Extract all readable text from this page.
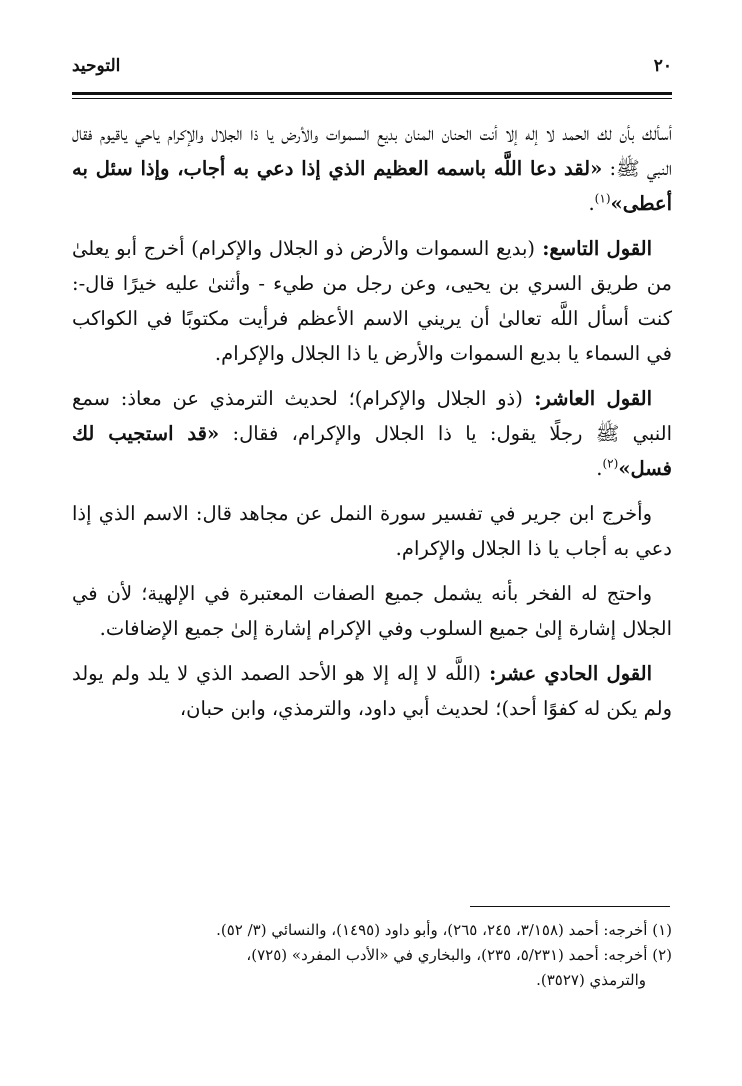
٢٠
التوحيد

أسألك بأن لك الحمد لا إله إلا أنت الحنان المنان بديع السموات والأرض يا ذا الجلال والإكرام ياحي ياقيوم فقال النبي ﷺ: «لقد دعا اللَّه باسمه العظيم الذي إذا دعي به أجاب، وإذا سئل به أعطى»$^{(١)}$.

القول التاسع: (بديع السموات والأرض ذو الجلال والإكرام) أخرج أبو يعلىٰ من طريق السري بن يحيى، وعن رجل من طيء - وأثنىٰ عليه خيرًا قال-: كنت أسأل اللَّه تعالىٰ أن يريني الاسم الأعظم فرأيت مكتوبًا في الكواكب في السماء يا بديع السموات والأرض يا ذا الجلال والإكرام.

القول العاشر: (ذو الجلال والإكرام)؛ لحديث الترمذي عن معاذ: سمع النبي ﷺ رجلًا يقول: يا ذا الجلال والإكرام، فقال: «قد استجيب لك فسل»$^{(٢)}$.

وأخرج ابن جرير في تفسير سورة النمل عن مجاهد قال: الاسم الذي إذا دعي به أجاب يا ذا الجلال والإكرام.

واحتج له الفخر بأنه يشمل جميع الصفات المعتبرة في الإلهية؛ لأن في الجلال إشارة إلىٰ جميع السلوب وفي الإكرام إشارة إلىٰ جميع الإضافات.

القول الحادي عشر: (اللَّه لا إله إلا هو الأحد الصمد الذي لا يلد ولم يولد ولم يكن له كفوًا أحد)؛ لحديث أبي داود، والترمذي، وابن حبان،

(١) أخرجه: أحمد (٣/١٥٨، ٢٤٥، ٢٦٥)، وأبو داود (١٤٩٥)، والنسائي (٣/ ٥٢).

(٢) أخرجه: أحمد (٥/٢٣١، ٢٣٥)، والبخاري في «الأدب المفرد» (٧٢٥)،

والترمذي (٣٥٢٧).
